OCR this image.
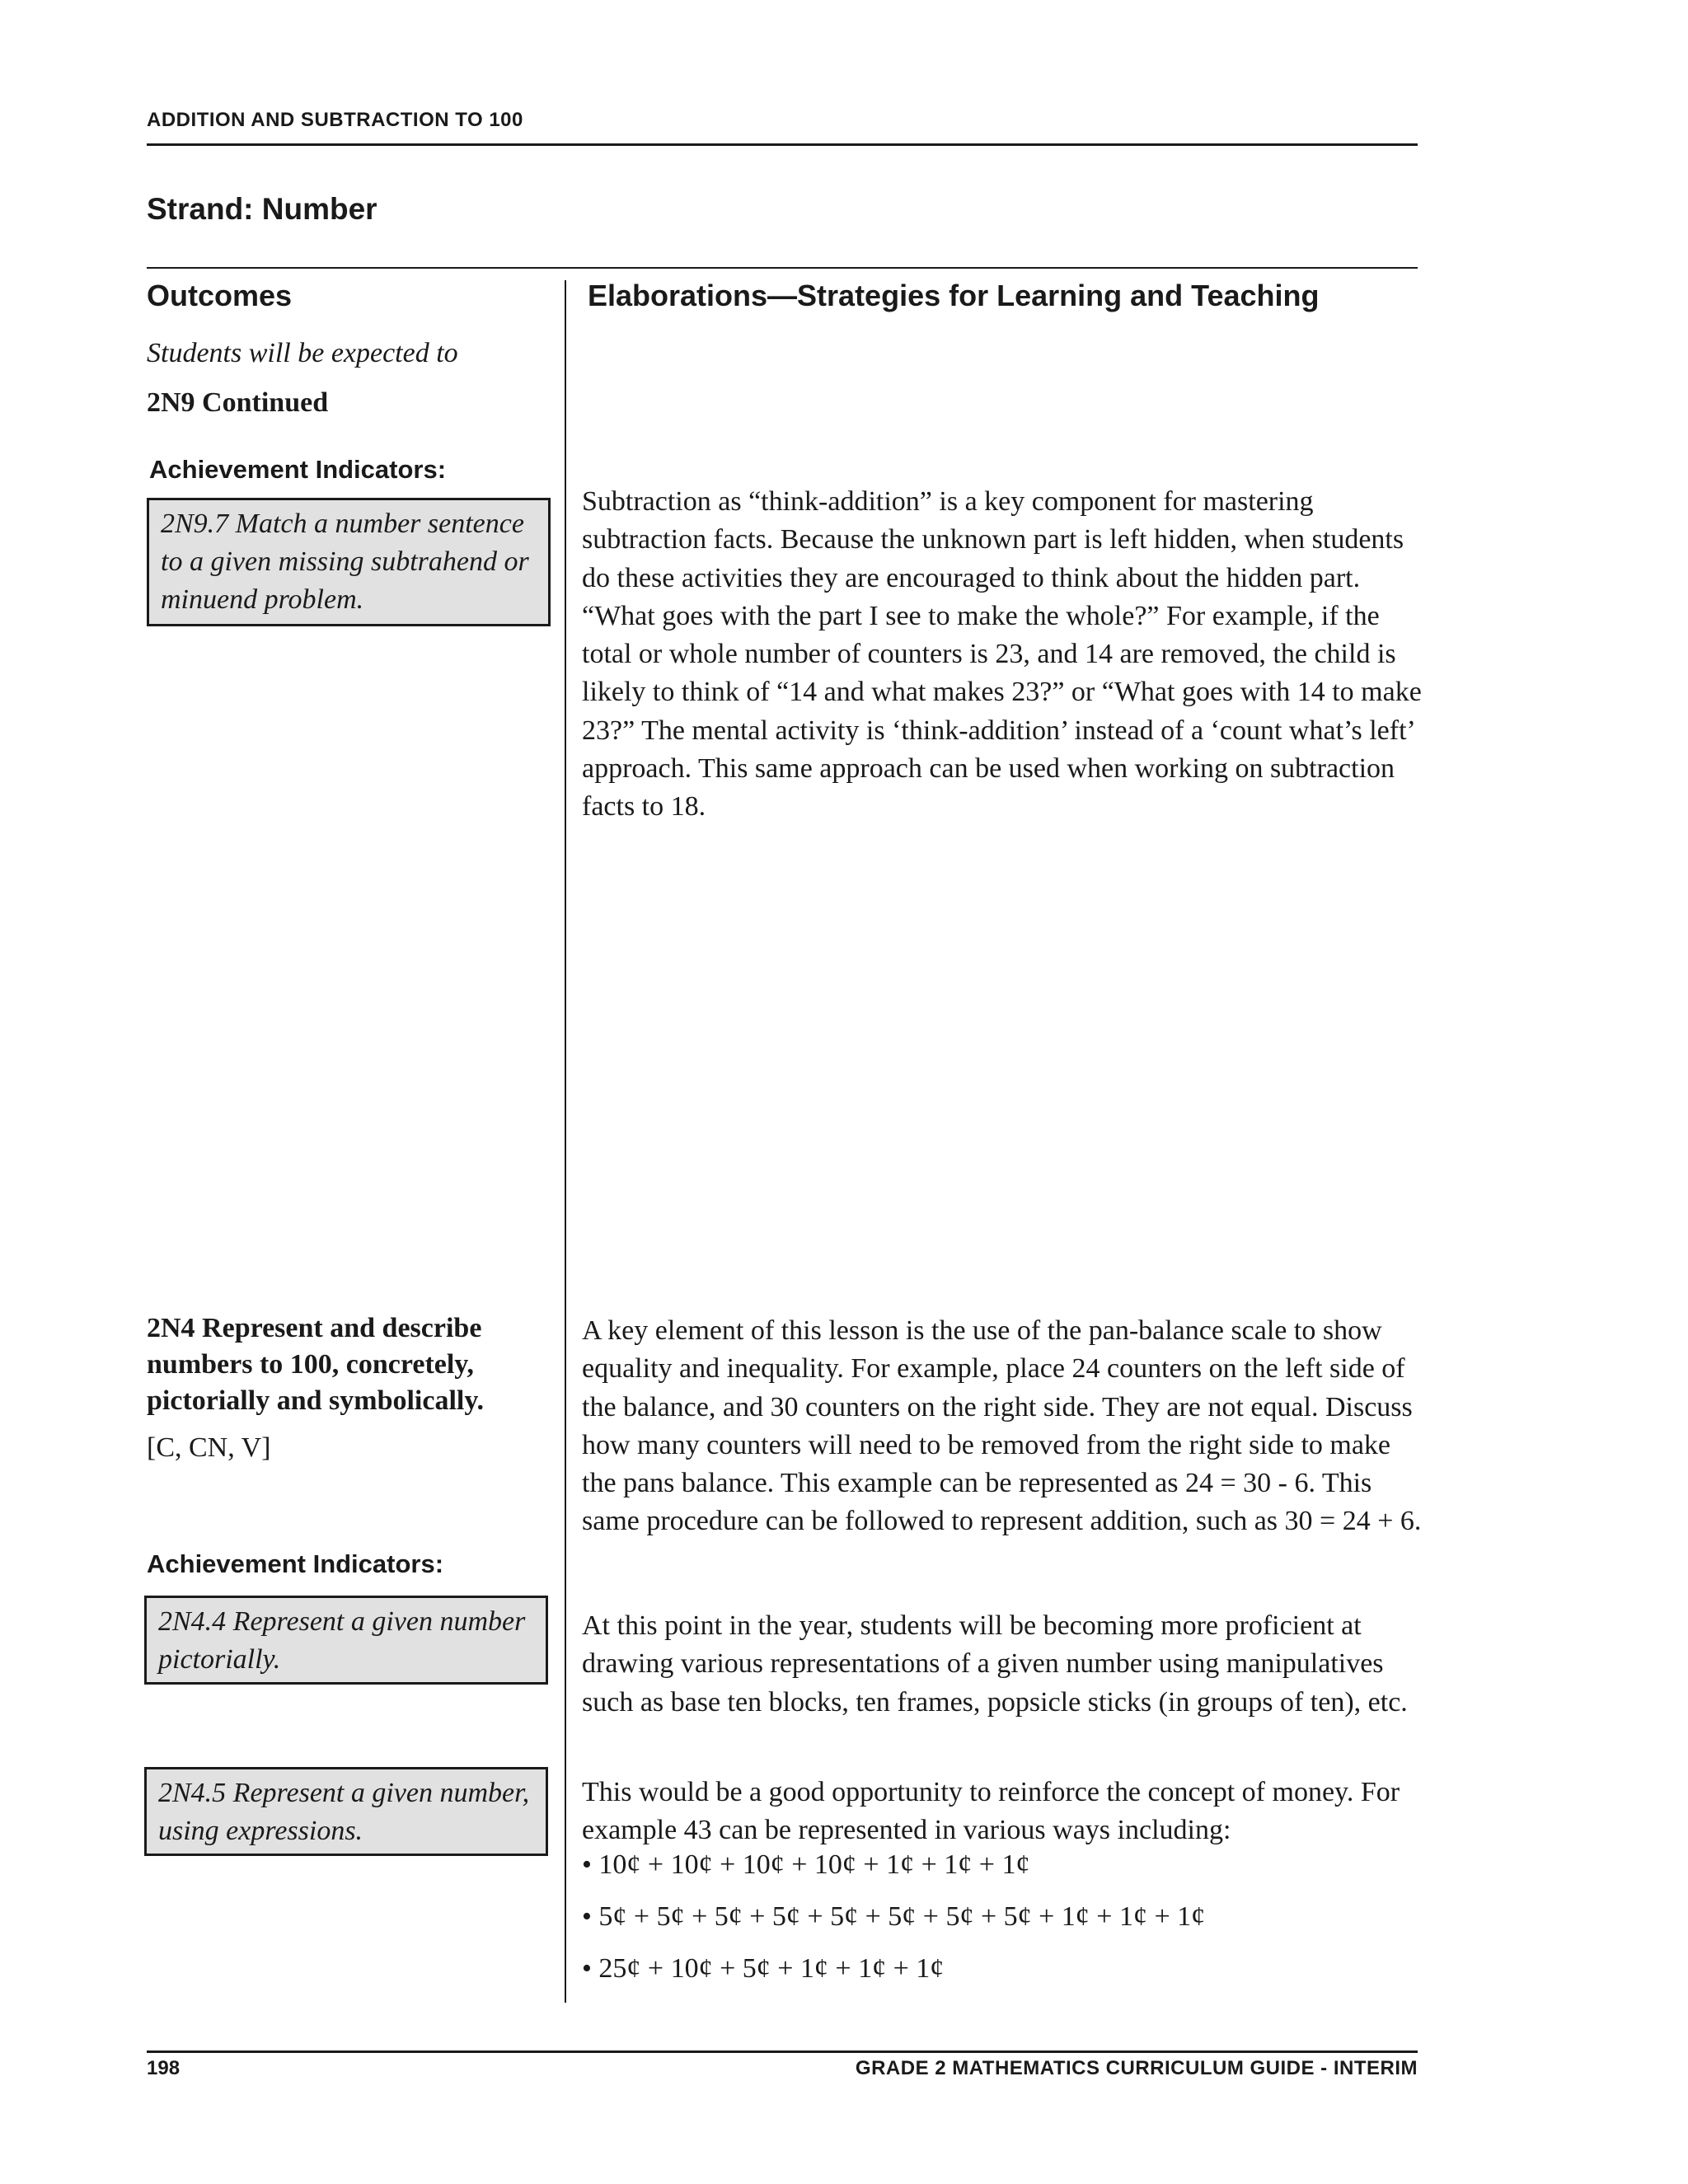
ADDITION AND SUBTRACTION TO 100
Strand: Number
Outcomes	Elaborations—Strategies for Learning and Teaching
Students will be expected to
2N9 Continued
Achievement Indicators:
2N9.7 Match a number sentence to a given missing subtrahend or minuend problem.

2N4 Represent and describe numbers to 100, concretely, pictorially and symbolically.

[C, CN, V]
Achievement Indicators:
2N4.4 Represent a given number pictorially.
2N4.5 Represent a given number, using expressions.

Subtraction as “think-addition” is a key component for mastering subtraction facts. Because the unknown part is left hidden, when students do these activities they are encouraged to think about the hidden part. “What goes with the part I see to make the whole?” For example, if the total or whole number of counters is 23, and 14 are removed, the child is likely to think of “14 and what makes 23?” or “What goes with 14 to make 23?” The mental activity is ‘think-addition’ instead of a ‘count what’s left’ approach. This same approach can be used when working on subtraction facts to 18.

A key element of this lesson is the use of the pan-balance scale to show equality and inequality. For example, place 24 counters on the left side of the balance, and 30 counters on the right side. They are not equal. Discuss how many counters will need to be removed from the right side to make the pans balance. This example can be represented as 24 = 30 - 6. This same procedure can be followed to represent addition, such as 30 = 24 + 6.

At this point in the year, students will be becoming more proficient at drawing various representations of a given number using manipulatives such as base ten blocks, ten frames, popsicle sticks (in groups of ten), etc.

This would be a good opportunity to reinforce the concept of money. For example 43 can be represented in various ways including:

• 10¢ + 10¢ + 10¢ + 10¢ + 1¢ + 1¢ + 1¢
• 5¢ + 5¢ + 5¢ + 5¢ + 5¢ + 5¢ + 5¢ + 5¢ + 1¢ + 1¢ + 1¢
• 25¢ + 10¢ + 5¢ + 1¢ + 1¢ + 1¢
198	GRADE 2 MATHEMATICS CURRICULUM GUIDE - INTERIM
